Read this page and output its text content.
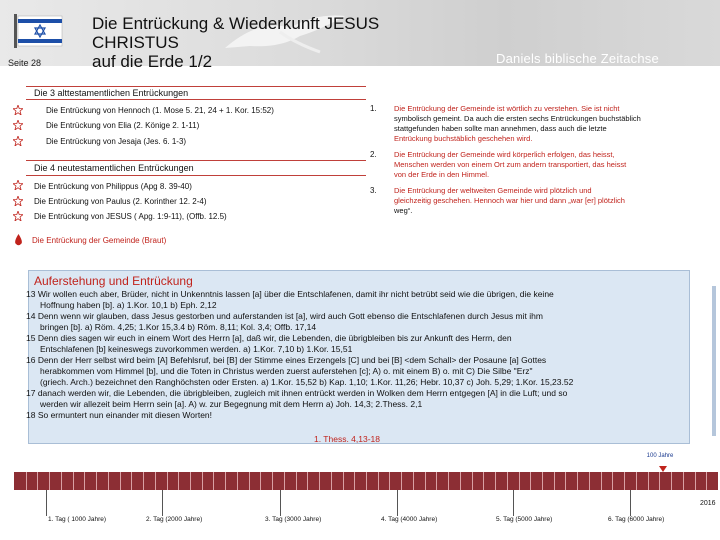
Die Entrückung & Wiederkunft JESUS CHRISTUS
auf die Erde 1/2	Daniels biblische Zeitachse
Seite 28
Die 3 alttestamentlichen Entrückungen
Die Entrückung von Hennoch (1. Mose 5. 21, 24 + 1. Kor. 15:52)
Die Entrückung von Elia (2. Könige 2. 1-11)
Die Entrückung von Jesaja (Jes. 6. 1-3)
Die 4 neutestamentlichen Entrückungen
Die Entrückung von Philippus (Apg 8. 39-40)
Die Entrückung von Paulus (2. Korinther 12. 2-4)
Die Entrückung von JESUS ( Apg. 1:9-11), (Offb. 12.5)
Die Entrückung der Gemeinde (Braut)
1. Die Entrückung der Gemeinde ist wörtlich zu verstehen. Sie ist nicht
symbolisch gemeint. Da auch die ersten sechs Entrückungen buchstäblich
stattgefunden haben sollte man annehmen, dass auch die letzte
Entrückung buchstäblich geschehen wird.
2. Die Entrückung der Gemeinde wird körperlich erfolgen, das heisst,
Menschen werden von einem Ort zum andern transportiert, das heisst
von der Erde in den Himmel.
3. Die Entrückung der weltweiten Gemeinde wird plötzlich und
gleichzeitig geschehen. Hennoch war hier und dann „war [er] plötzlich
weg“.
Auferstehung und Entrückung
13 Wir wollen euch aber, Brüder, nicht in Unkenntnis lassen [a] über die Entschlafenen, damit ihr nicht betrübt seid wie die übrigen, die keine
Hoffnung haben [b]. a) 1.Kor. 10,1 b) Eph. 2,12
14 Denn wenn wir glauben, dass Jesus gestorben und auferstanden ist [a], wird auch Gott ebenso die Entschlafenen durch Jesus mit ihm
bringen [b]. a) Röm. 4,25; 1.Kor 15,3.4 b) Röm. 8,11; Kol. 3,4; Offb. 17,14
15 Denn dies sagen wir euch in einem Wort des Herrn [a], daß wir, die Lebenden, die übrigbleiben bis zur Ankunft des Herrn, den
Entschlafenen [b] keineswegs zuvorkommen werden. a) 1.Kor. 7,10 b) 1.Kor. 15,51
16 Denn der Herr selbst wird beim [A] Befehlsruf, bei [B] der Stimme eines Erzengels [C] und bei [B] <dem Schall> der Posaune [a] Gottes
herabkommen vom Himmel [b], und die Toten in Christus werden zuerst auferstehen [c]; A) o. mit einem B) o. mit C) Die Silbe "Erz"
(griech. Arch.) bezeichnet den Ranghöchsten oder Ersten. a) 1.Kor. 15,52 b) Kap. 1,10; 1.Kor. 11,26; Hebr. 10,37 c) Joh. 5,29; 1.Kor. 15,23.52
17 danach werden wir, die Lebenden, die übrigbleiben, zugleich mit ihnen entrückt werden in Wolken dem Herrn entgegen [A] in die Luft; und so
werden wir allezeit beim Herrn sein [a]. A) w. zur Begegnung mit dem Herrn a) Joh. 14,3; 2.Thess. 2,1
18 So ermuntert nun einander mit diesen Worten!
1. Thess. 4,13-18
100 Jahre
2016
1. Tag ( 1000 Jahre)	2. Tag (2000 Jahre)	3. Tag (3000 Jahre)	4. Tag (4000 Jahre)	5. Tag (5000 Jahre)	6. Tag (6000 Jahre)
